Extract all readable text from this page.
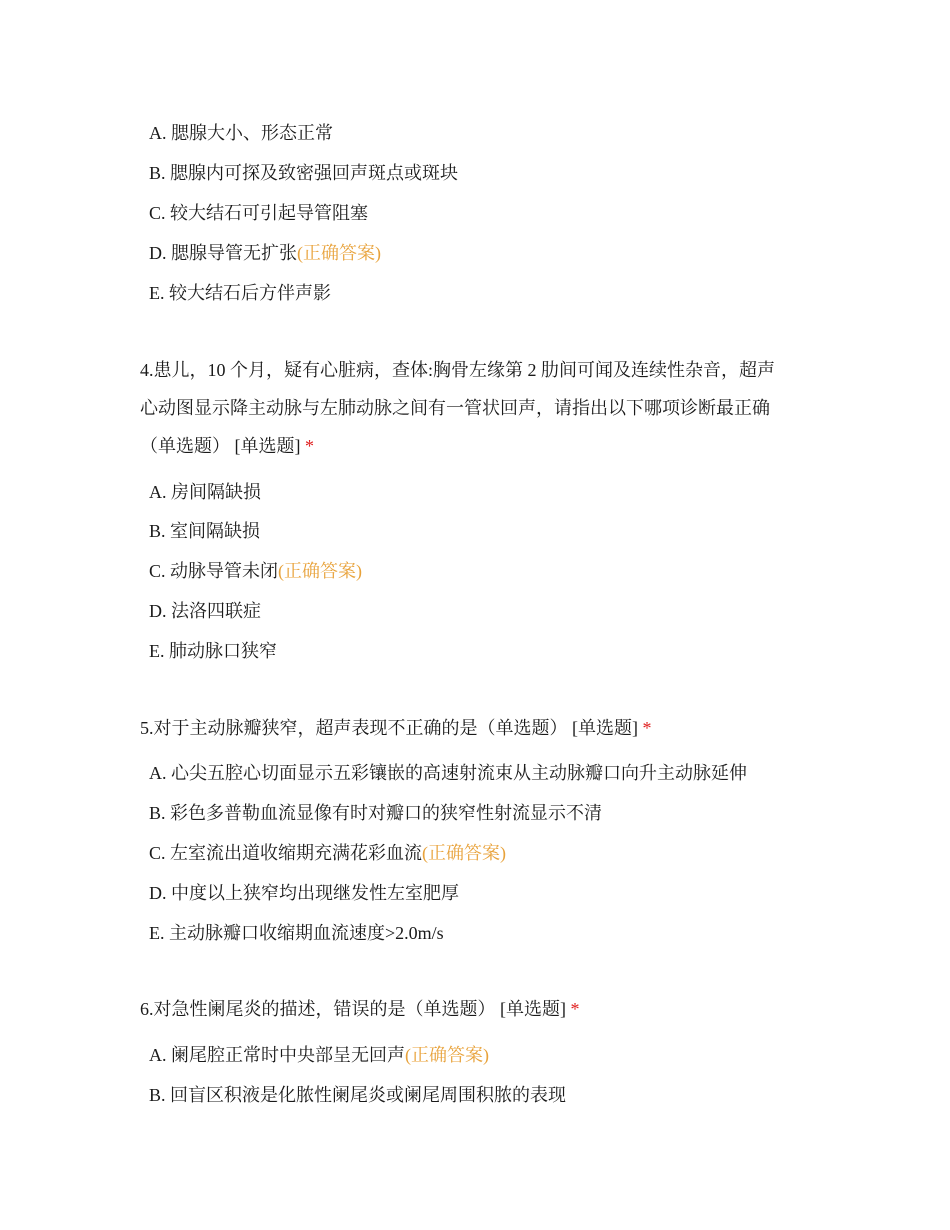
A. 腮腺大小、形态正常
B. 腮腺内可探及致密强回声斑点或斑块
C. 较大结石可引起导管阻塞
D. 腮腺导管无扩张(正确答案)
E. 较大结石后方伴声影
4.患儿，10 个月，疑有心脏病，查体:胸骨左缘第 2 肋间可闻及连续性杂音，超声
心动图显示降主动脉与左肺动脉之间有一管状回声，请指出以下哪项诊断最正确
（单选题） [单选题] *
A. 房间隔缺损
B. 室间隔缺损
C. 动脉导管未闭(正确答案)
D. 法洛四联症
E. 肺动脉口狭窄
5.对于主动脉瓣狭窄，超声表现不正确的是（单选题） [单选题] *
A. 心尖五腔心切面显示五彩镶嵌的高速射流束从主动脉瓣口向升主动脉延伸
B. 彩色多普勒血流显像有时对瓣口的狭窄性射流显示不清
C. 左室流出道收缩期充满花彩血流(正确答案)
D. 中度以上狭窄均出现继发性左室肥厚
E. 主动脉瓣口收缩期血流速度>2.0m/s
6.对急性阑尾炎的描述，错误的是（单选题） [单选题] *
A. 阑尾腔正常时中央部呈无回声(正确答案)
B. 回盲区积液是化脓性阑尾炎或阑尾周围积脓的表现
